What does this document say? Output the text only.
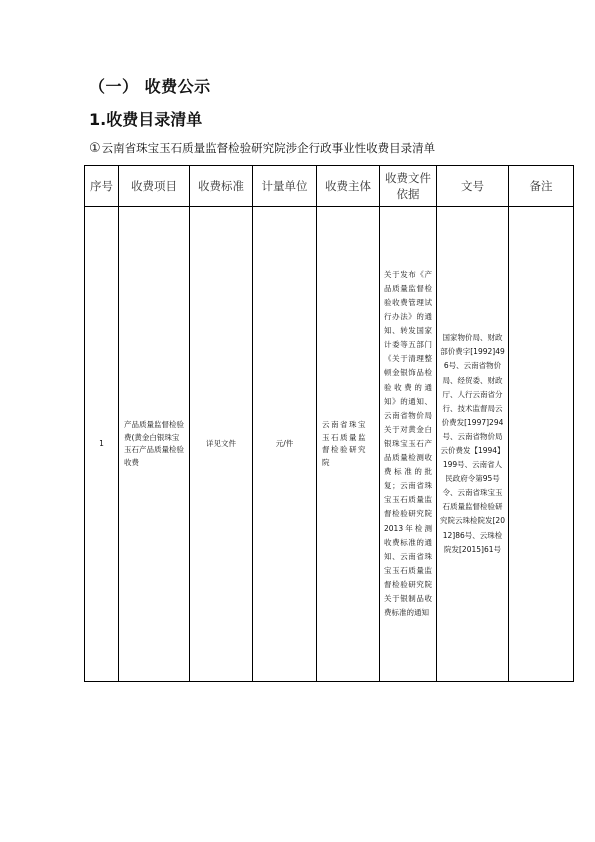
（一） 收费公示
1.收费目录清单
①云南省珠宝玉石质量监督检验研究院涉企行政事业性收费目录清单
序号	收费项目	收费标准	计量单位	收费主体	收费文件依据	文号	备注
1	产品质量监督检验费(黄金白银珠宝玉石产品质量检验收费	详见文件	元/件	云南省珠宝玉石质量监督检验研究院	关于发布《产品质量监督检验收费管理试行办法》的通知、转发国家计委等五部门《关于清理整顿金银饰品检验收费的通知》的通知、云南省物价局关于对黄金白银珠宝玉石产品质量检测收费标准的批复；云南省珠宝玉石质量监督检验研究院2013年检测收费标准的通知、云南省珠宝玉石质量监督检验研究院关于银制品收费标准的通知	国家物价局、财政部价费字[1992]496号、云南省物价局、经贸委、财政厅、人行云南省分行、技术监督局云价费发[1997]294号、云南省物价局云价费发【1994】199号、云南省人民政府令第95号令、云南省珠宝玉石质量监督检验研究院云珠检院发[2012]86号、云珠检院发[2015]61号	
